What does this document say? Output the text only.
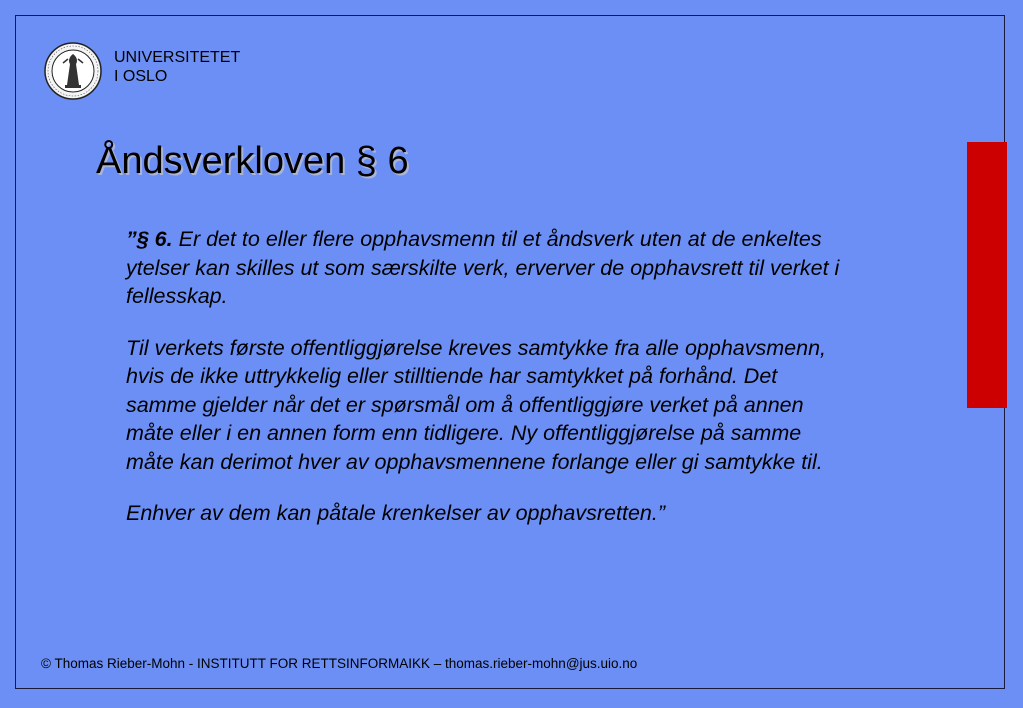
UNIVERSITETET
I OSLO
Åndsverkloven § 6

”§ 6. Er det to eller flere opphavsmenn til et åndsverk uten at de enkeltes ytelser kan skilles ut som særskilte verk, erverver de opphavsrett til verket i fellesskap.

Til verkets første offentliggjørelse kreves samtykke fra alle opphavsmenn, hvis de ikke uttrykkelig eller stilltiende har samtykket på forhånd. Det samme gjelder når det er spørsmål om å offentliggjøre verket på annen måte eller i en annen form enn tidligere. Ny offentliggjørelse på samme måte kan derimot hver av opphavsmennene forlange eller gi samtykke til.

Enhver av dem kan påtale krenkelser av opphavsretten.”

© Thomas Rieber-Mohn - INSTITUTT FOR RETTSINFORMAIKK – thomas.rieber-mohn@jus.uio.no
